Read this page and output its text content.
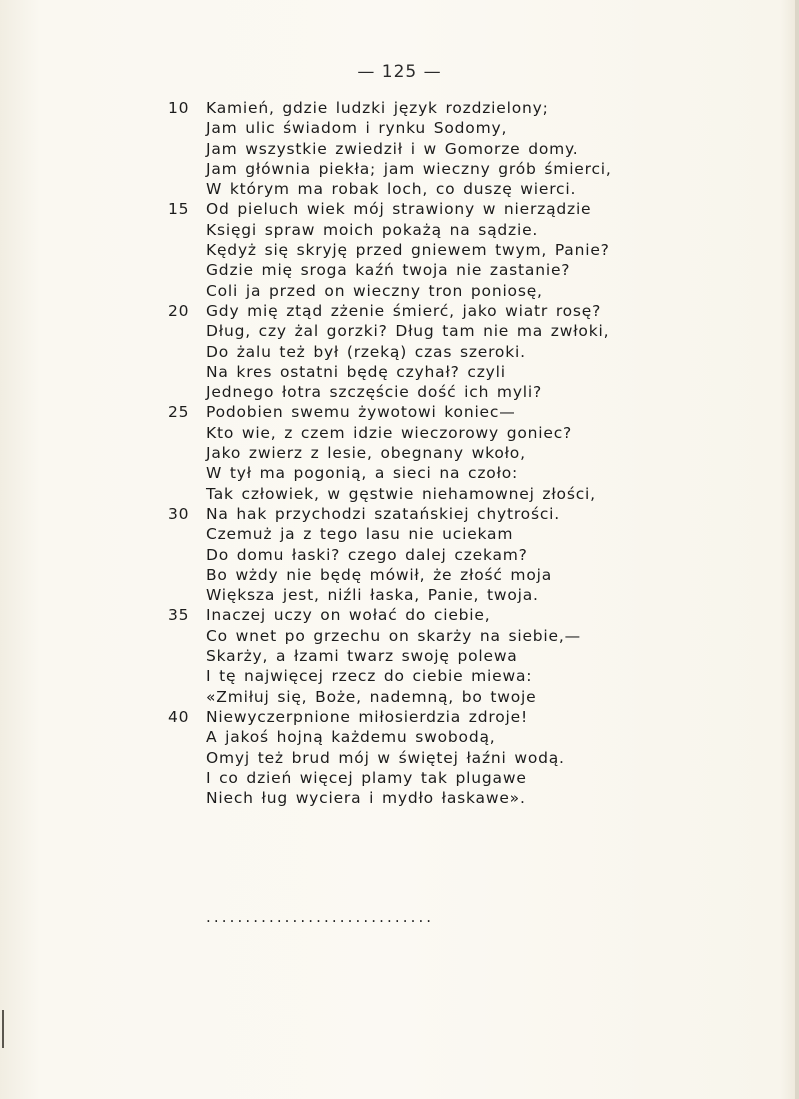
— 125 —
10	Kamień, gdzie ludzki język rozdzielony;
Jam ulic świadom i rynku Sodomy,
Jam wszystkie zwiedził i w Gomorze domy.
Jam głównia piekła; jam wieczny grób śmierci,
W którym ma robak loch, co duszę wierci.
15	Od pieluch wiek mój strawiony w nierządzie
Księgi spraw moich pokażą na sądzie.
Kędyż się skryję przed gniewem twym, Panie?
Gdzie mię sroga kaźń twoja nie zastanie?
Coli ja przed on wieczny tron poniosę,
20	Gdy mię ztąd zżenie śmierć, jako wiatr rosę?
Dług, czy żal gorzki? Dług tam nie ma zwłoki,
Do żalu też był (rzeką) czas szeroki.
Na kres ostatni będę czyhał? czyli
Jednego łotra szczęście dość ich myli?
25	Podobien swemu żywotowi koniec—
Kto wie, z czem idzie wieczorowy goniec?
Jako zwierz z lesie, obegnany wkoło,
W tył ma pogonią, a sieci na czoło:
Tak człowiek, w gęstwie niehamownej złości,
30	Na hak przychodzi szatańskiej chytrości.
Czemuż ja z tego lasu nie uciekam
Do domu łaski? czego dalej czekam?
Bo wżdy nie będę mówił, że złość moja
Większa jest, niźli łaska, Panie, twoja.
35	Inaczej uczy on wołać do ciebie,
Co wnet po grzechu on skarży na siebie,—
Skarży, a łzami twarz swoję polewa
I tę najwięcej rzecz do ciebie miewa:
«Zmiłuj się, Boże, nademną, bo twoje
40	Niewyczerpnione miłosierdzia zdroje!
A jakoś hojną każdemu swobodą,
Omyj też brud mój w świętej łaźni wodą.
I co dzień więcej plamy tak plugawe
Niech ług wyciera i mydło łaskawe».
.............................
